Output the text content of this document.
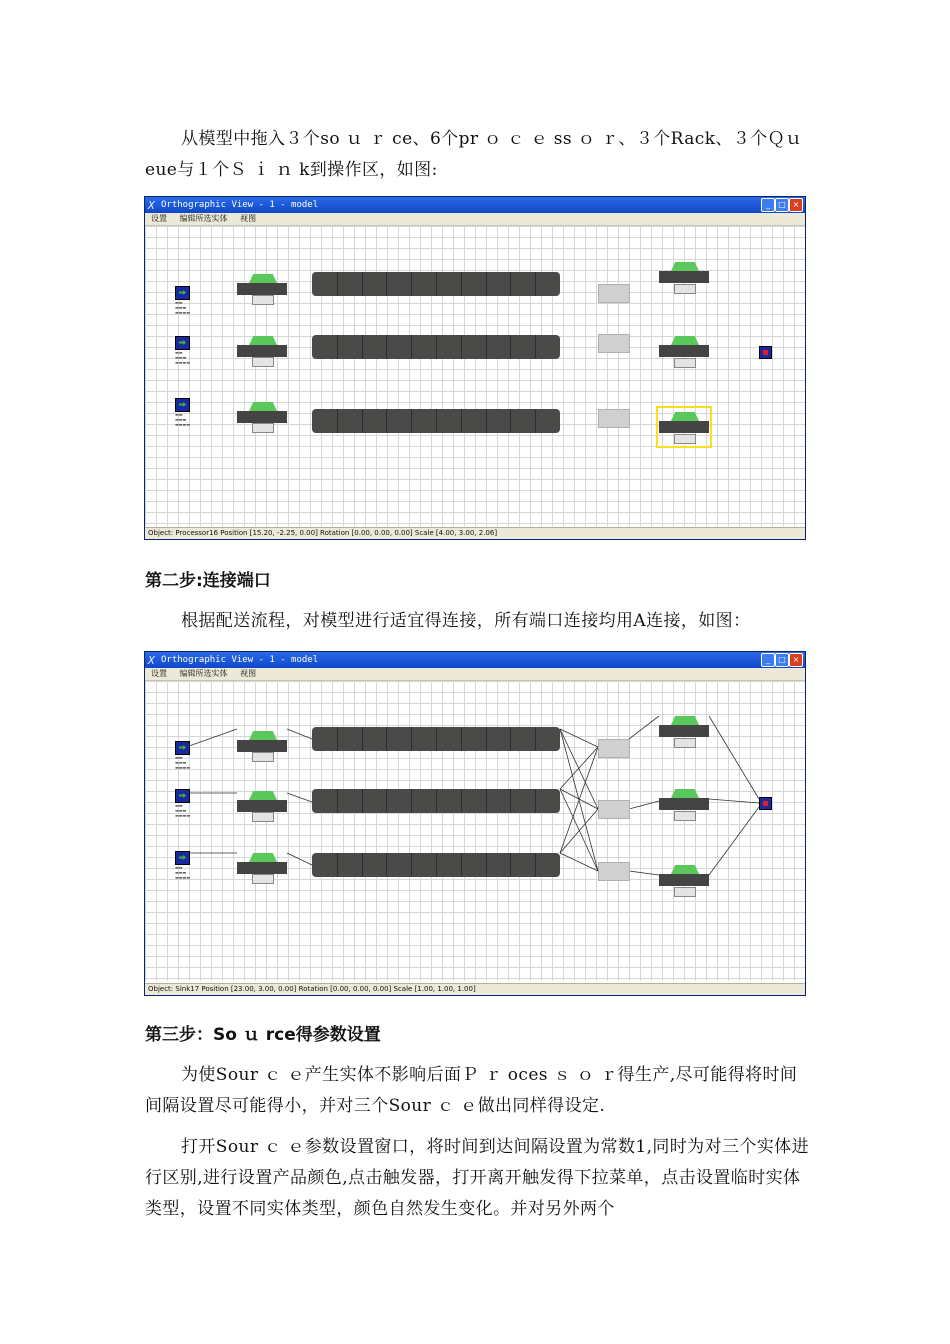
从模型中拖入３个so ｕ ｒ ce、6个pr ｏ ｃ ｅ ss ｏ ｒ、３个Rack、３个Ｑｕeue与１个Ｓ ｉ ｎ k到操作区，如图:
X Orthographic View - 1 - model	_	□ ×
设置 编辑所选实体 视图
▬▬
▬▬▬
▬▬▬▬
▬▬
▬▬▬
▬▬▬▬
▬▬
▬▬▬
▬▬▬▬
Object: Processor16 Position [15.20, -2.25, 0.00] Rotation [0.00, 0.00, 0.00] Scale [4.00, 3.00, 2.06]
第二步:连接端口
根据配送流程，对模型进行适宜得连接，所有端口连接均用A连接，如图：
X Orthographic View - 1 - model	_	□ ×
设置 编辑所选实体 视图
▬▬
▬▬▬
▬▬▬▬
▬▬
▬▬▬
▬▬▬▬
▬▬
▬▬▬
▬▬▬▬
Object: Sink17 Position [23.00, 3.00, 0.00] Rotation [0.00, 0.00, 0.00] Scale [1.00, 1.00, 1.00]
第三步：So ｕ rce得参数设置
为使Sour ｃ ｅ产生实体不影响后面Ｐ ｒ oces ｓ ｏ ｒ得生产,尽可能得将时间间隔设置尽可能得小，并对三个Sour ｃ ｅ做出同样得设定.
打开Sour ｃ ｅ参数设置窗口，将时间到达间隔设置为常数1,同时为对三个实体进行区别,进行设置产品颜色,点击触发器，打开离开触发得下拉菜单，点击设置临时实体类型，设置不同实体类型，颜色自然发生变化。并对另外两个
